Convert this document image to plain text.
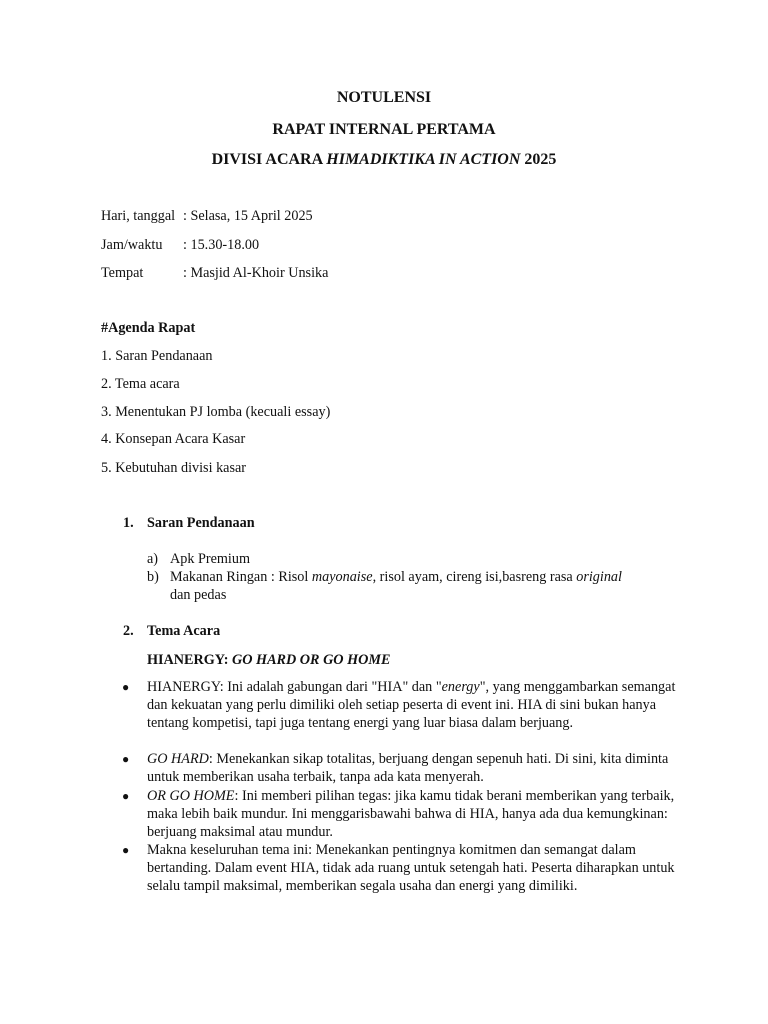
NOTULENSI
RAPAT INTERNAL PERTAMA
DIVISI ACARA HIMADIKTIKA IN ACTION 2025
Hari, tanggal : Selasa, 15 April 2025
Jam/waktu : 15.30-18.00
Tempat	: Masjid Al-Khoir Unsika
#Agenda Rapat
1. Saran Pendanaan
2. Tema acara
3. Menentukan PJ lomba (kecuali essay)
4. Konsepan Acara Kasar
5. Kebutuhan divisi kasar
1. Saran Pendanaan
a) Apk Premium
b) Makanan Ringan : Risol mayonaise, risol ayam, cireng isi,basreng rasa original
dan pedas
2. Tema Acara
HIANERGY: GO HARD OR GO HOME
● HIANERGY: Ini adalah gabungan dari "HIA" dan "energy", yang menggambarkan semangat dan kekuatan yang perlu dimiliki oleh setiap peserta di event ini. HIA di sini bukan hanya tentang kompetisi, tapi juga tentang energi yang luar biasa dalam berjuang.
● GO HARD: Menekankan sikap totalitas, berjuang dengan sepenuh hati. Di sini, kita diminta untuk memberikan usaha terbaik, tanpa ada kata menyerah.
● OR GO HOME: Ini memberi pilihan tegas: jika kamu tidak berani memberikan yang terbaik, maka lebih baik mundur. Ini menggarisbawahi bahwa di HIA, hanya ada dua kemungkinan: berjuang maksimal atau mundur.
● Makna keseluruhan tema ini: Menekankan pentingnya komitmen dan semangat dalam bertanding. Dalam event HIA, tidak ada ruang untuk setengah hati. Peserta diharapkan untuk selalu tampil maksimal, memberikan segala usaha dan energi yang dimiliki.
